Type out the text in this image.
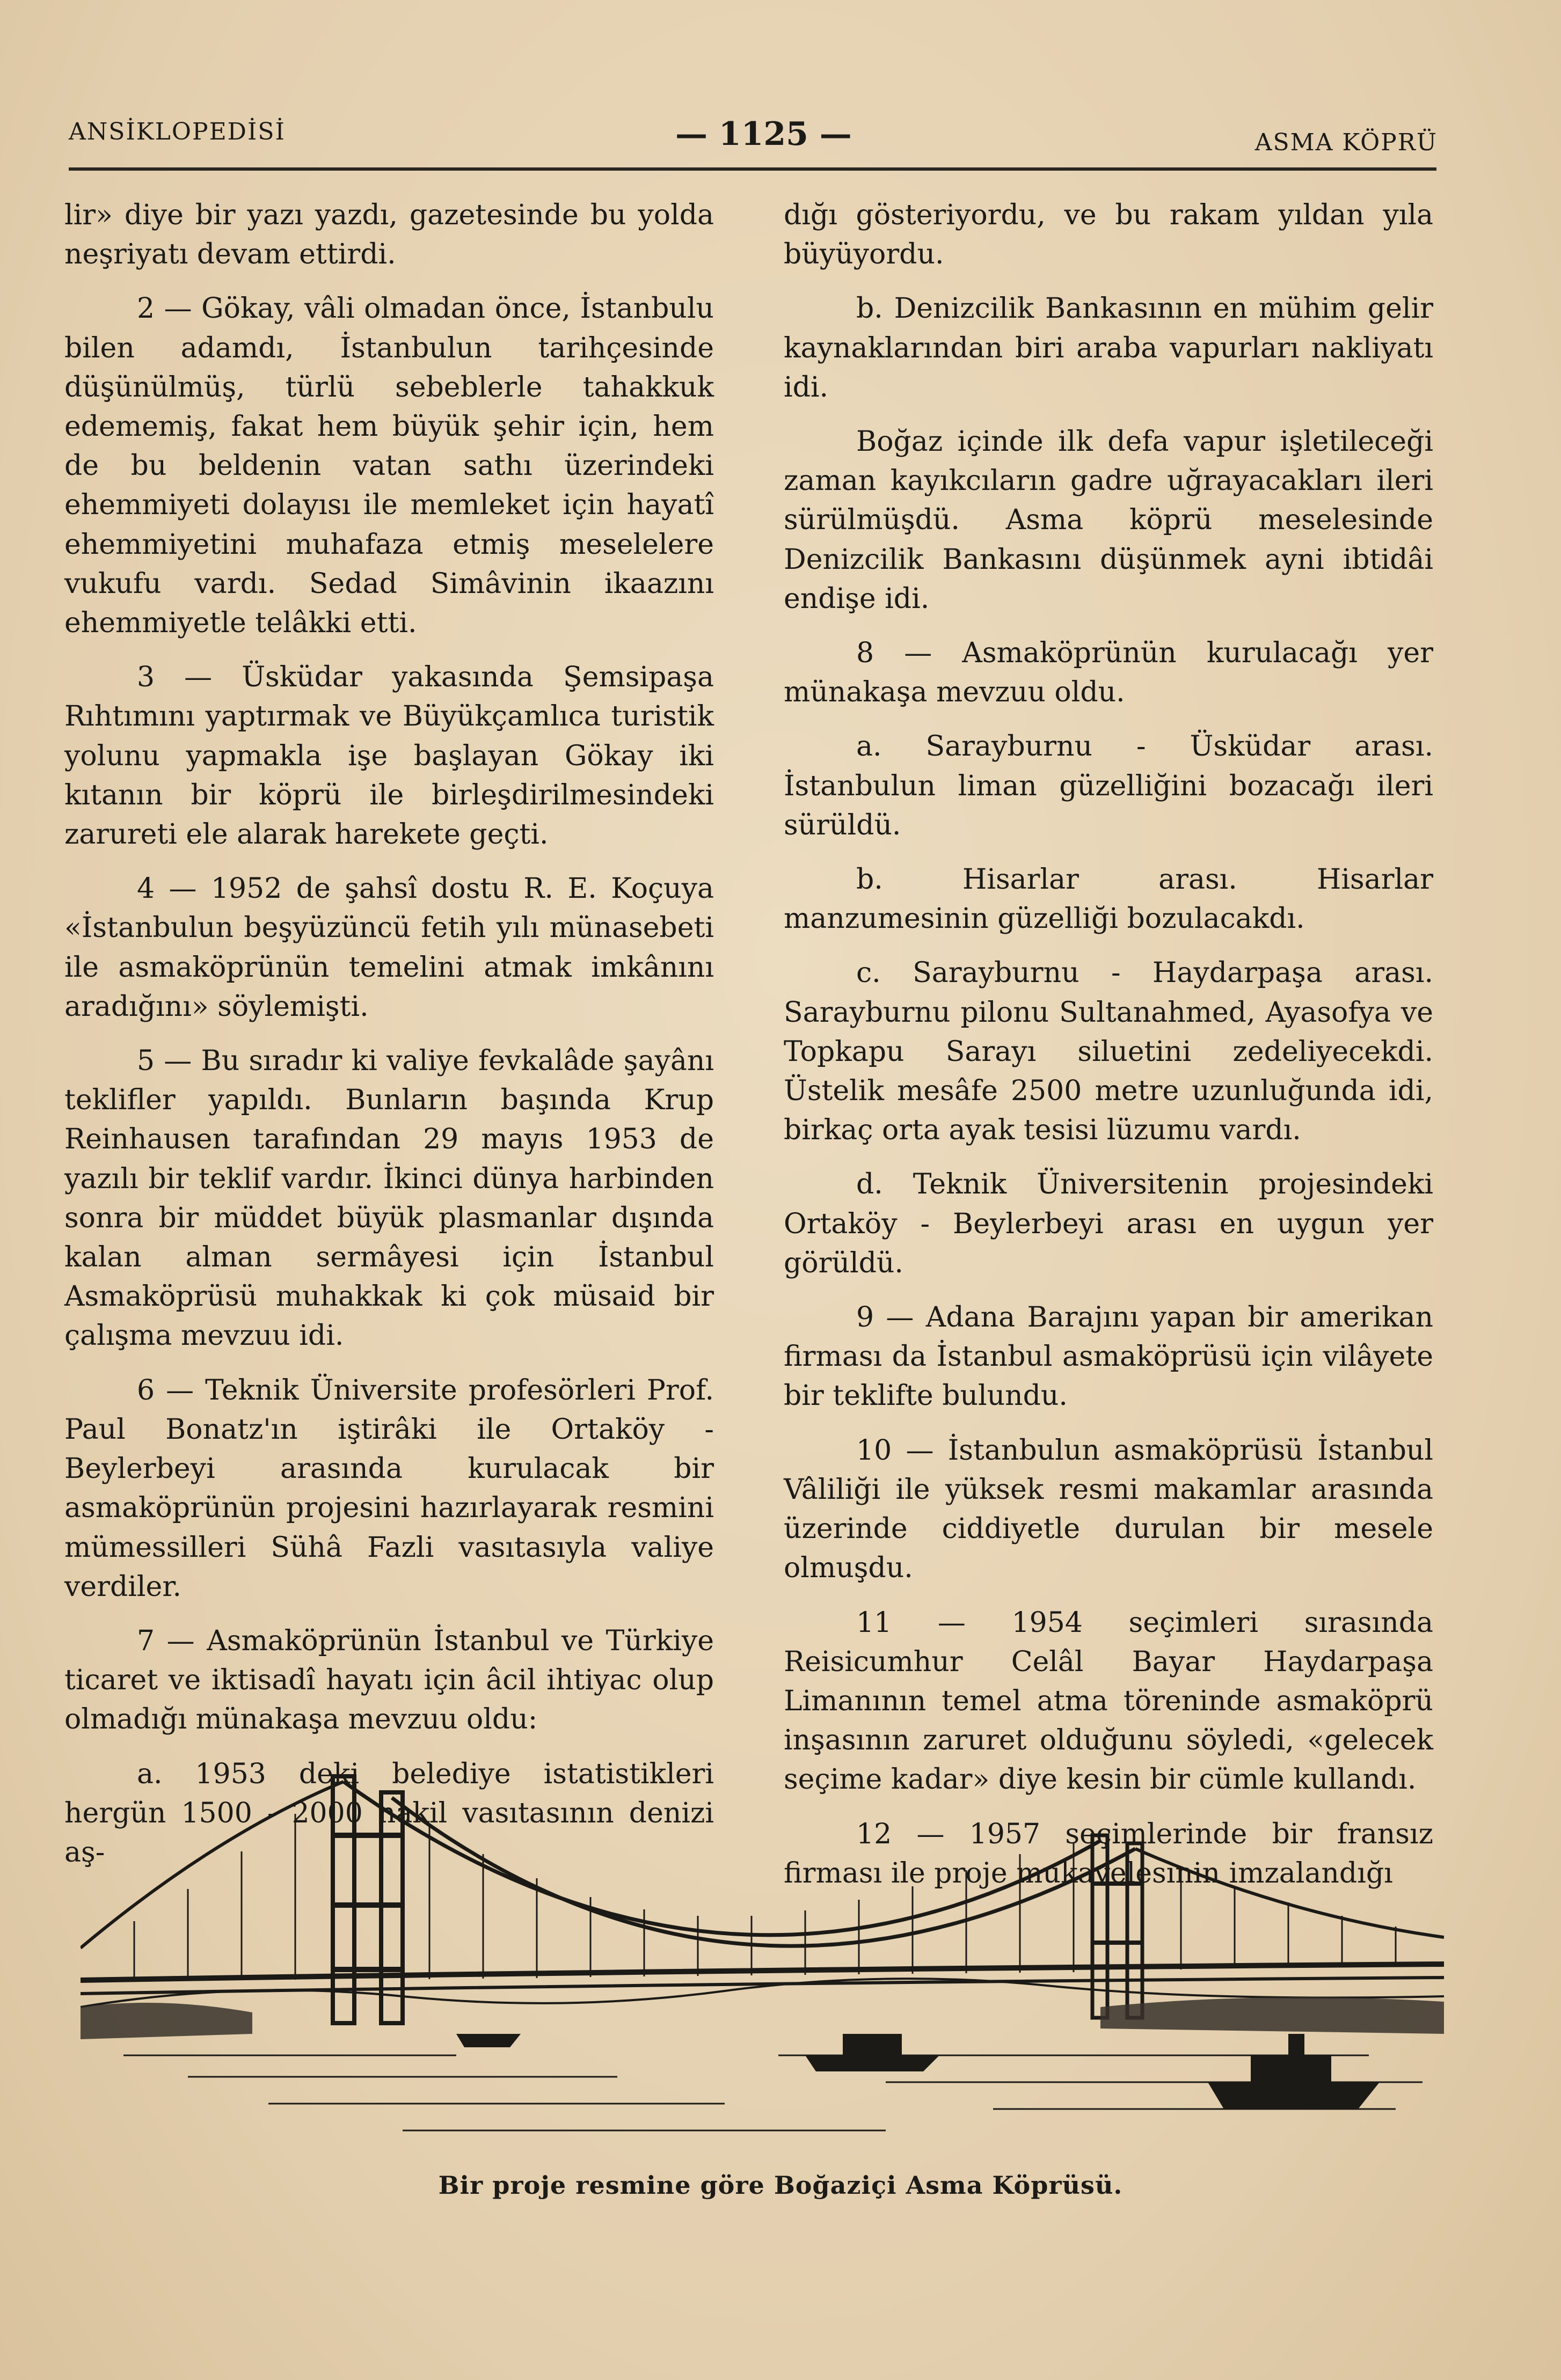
ANSİKLOPEDİSİ	— 1125 —	ASMA KÖPRÜ

lir» diye bir yazı yazdı, gazetesinde bu yolda neşriyatı devam ettirdi.

2 — Gökay, vâli olmadan önce, İstanbulu bilen adamdı, İstanbulun tarihçesinde düşünülmüş, türlü sebeblerle tahakkuk edememiş, fakat hem büyük şehir için, hem de bu beldenin vatan sathı üzerindeki ehemmiyeti dolayısı ile memleket için hayatî ehemmiyetini muhafaza etmiş meselelere vukufu vardı. Sedad Simâvinin ikaazını ehemmiyetle telâkki etti.

3 — Üsküdar yakasında Şemsipaşa Rıhtımını yaptırmak ve Büyükçamlıca turistik yolunu yapmakla işe başlayan Gökay iki kıtanın bir köprü ile birleşdirilmesindeki zarureti ele alarak harekete geçti.

4 — 1952 de şahsî dostu R. E. Koçuya «İstanbulun beşyüzüncü fetih yılı münasebeti ile asmaköprünün temelini atmak imkânını aradığını» söylemişti.

5 — Bu sıradır ki valiye fevkalâde şayânı teklifler yapıldı. Bunların başında Krup Reinhausen tarafından 29 mayıs 1953 de yazılı bir teklif vardır. İkinci dünya harbinden sonra bir müddet büyük plasmanlar dışında kalan alman sermâyesi için İstanbul Asmaköprüsü muhakkak ki çok müsaid bir çalışma mevzuu idi.

6 — Teknik Üniversite profesörleri Prof. Paul Bonatz'ın iştirâki ile Ortaköy - Beylerbeyi arasında kurulacak bir asmaköprünün projesini hazırlayarak resmini mümessilleri Sühâ Fazli vasıtasıyla valiye verdiler.

7 — Asmaköprünün İstanbul ve Türkiye ticaret ve iktisadî hayatı için âcil ihtiyac olup olmadığı münakaşa mevzuu oldu:

a. 1953 deki belediye istatistikleri hergün 1500 - 2000 nakil vasıtasının denizi aş-

dığı gösteriyordu, ve bu rakam yıldan yıla büyüyordu.

b. Denizcilik Bankasının en mühim gelir kaynaklarından biri araba vapurları nakliyatı idi.

Boğaz içinde ilk defa vapur işletileceği zaman kayıkcıların gadre uğrayacakları ileri sürülmüşdü. Asma köprü meselesinde Denizcilik Bankasını düşünmek ayni ibtidâi endişe idi.

8 — Asmaköprünün kurulacağı yer münakaşa mevzuu oldu.

a. Sarayburnu - Üsküdar arası. İstanbulun liman güzelliğini bozacağı ileri sürüldü.

b. Hisarlar arası. Hisarlar manzumesinin güzelliği bozulacakdı.

c. Sarayburnu - Haydarpaşa arası. Sarayburnu pilonu Sultanahmed, Ayasofya ve Topkapu Sarayı siluetini zedeliyecekdi. Üstelik mesâfe 2500 metre uzunluğunda idi, birkaç orta ayak tesisi lüzumu vardı.

d. Teknik Üniversitenin projesindeki Ortaköy - Beylerbeyi arası en uygun yer görüldü.

9 — Adana Barajını yapan bir amerikan firması da İstanbul asmaköprüsü için vilâyete bir teklifte bulundu.

10 — İstanbulun asmaköprüsü İstanbul Vâliliği ile yüksek resmi makamlar arasında üzerinde ciddiyetle durulan bir mesele olmuşdu.

11 — 1954 seçimleri sırasında Reisicumhur Celâl Bayar Haydarpaşa Limanının temel atma töreninde asmaköprü inşasının zaruret olduğunu söyledi, «gelecek seçime kadar» diye kesin bir cümle kullandı.

12 — 1957 seçimlerinde bir fransız firması ile proje mukavelesinin imzalandığı

Bir proje resmine göre Boğaziçi Asma Köprüsü.
